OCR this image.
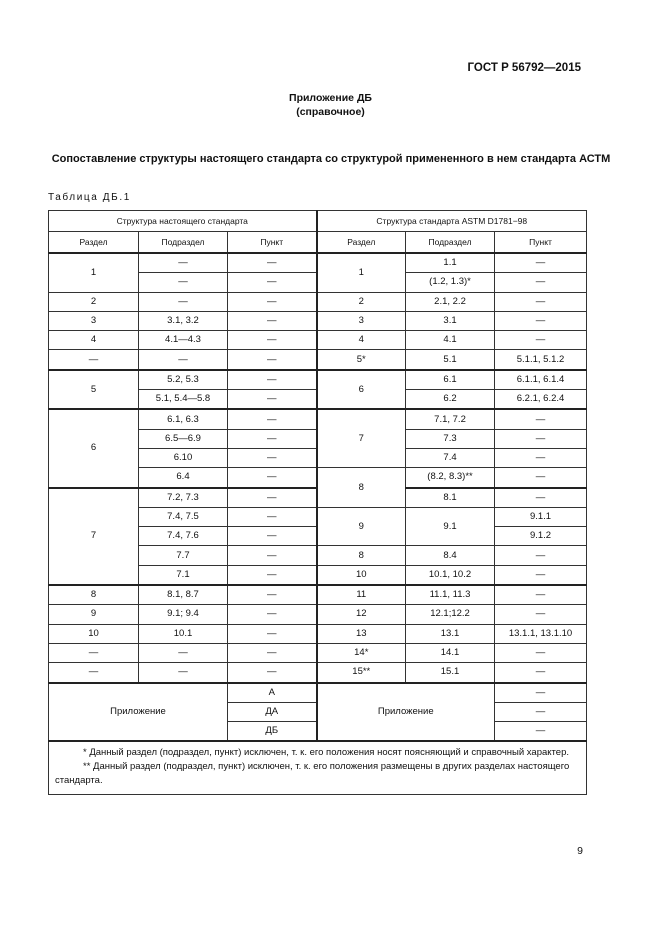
ГОСТ Р 56792—2015
Приложение ДБ
(справочное)
Сопоставление структуры настоящего стандарта со структурой примененного в нем стандарта АСТМ
Таблица ДБ.1
Структура настоящего стандарта			Структура стандарта ASTM D1781−98		
Раздел	Подраздел	Пункт	Раздел	Подраздел	Пункт
1	—	—	1	1.1	—
	—	—		(1.2, 1.3)*	—
2	—	—	2	2.1, 2.2	—
3	3.1, 3.2	—	3	3.1	—
4	4.1—4.3	—	4	4.1	—
—	—	—	5*	5.1	5.1.1, 5.1.2
5	5.2, 5.3	—	6	6.1	6.1.1, 6.1.4
	5.1, 5.4—5.8	—		6.2	6.2.1, 6.2.4
6	6.1, 6.3	—	7	7.1, 7.2	—
	6.5—6.9	—		7.3	—
	6.10	—		7.4	—
	6.4	—	8	(8.2, 8.3)**	—
7	7.2, 7.3	—		8.1	—
	7.4, 7.5	—	9	9.1	9.1.1
	7.4, 7.6	—			9.1.2
	7.7	—	8	8.4	—
	7.1	—	10	10.1, 10.2	—
8	8.1, 8.7	—	11	11.1, 11.3	—
9	9.1; 9.4	—	12	12.1;12.2	—
10	10.1	—	13	13.1	13.1.1, 13.1.10
—	—	—	14*	14.1	—
—	—	—	15**	15.1	—
Приложение		А	Приложение		—
		ДА			—
		ДБ			—

* Данный раздел (подраздел, пункт) исключен, т. к. его положения носят поясняющий и справочный характер.

** Данный раздел (подраздел, пункт) исключен, т. к. его положения размещены в других разделах настоящего стандарта.					

9
